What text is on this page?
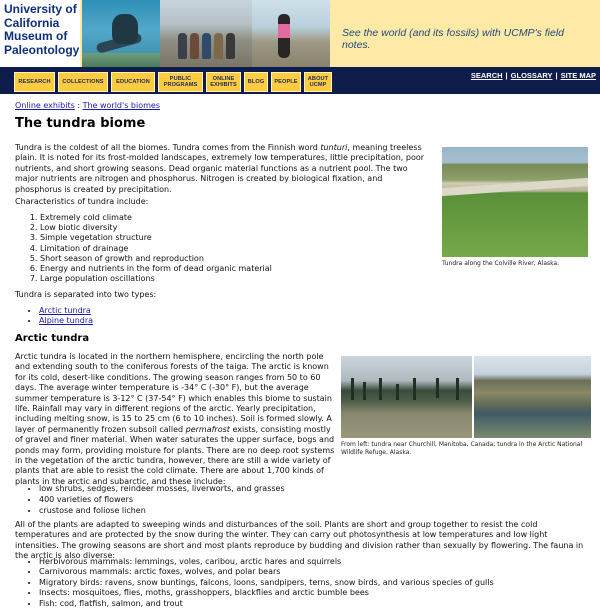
University of
California
Museum of
Paleontology
See the world (and its fossils) with UCMP's field notes.
RESEARCH	COLLECTIONS	EDUCATION
PUBLIC PROGRAMS
ONLINE EXHIBITS
BLOG	PEOPLE
ABOUT UCMP
SEARCH | GLOSSARY | SITE MAP
Online exhibits : The world's biomes
The tundra biome

Tundra is the coldest of all the biomes. Tundra comes from the Finnish word tunturi, meaning treeless plain. It is noted for its frost-molded landscapes, extremely low temperatures, little precipitation, poor nutrients, and short growing seasons. Dead organic material functions as a nutrient pool. The two major nutrients are nitrogen and phosphorus. Nitrogen is created by biological fixation, and phosphorus is created by precipitation.

Characteristics of tundra include:

1. Extremely cold climate
2. Low biotic diversity
3. Simple vegetation structure
4. Limitation of drainage
5. Short season of growth and reproduction
6. Energy and nutrients in the form of dead organic material
7. Large population oscillations

Tundra is separated into two types:

• Arctic tundra
• Alpine tundra
Arctic tundra

Arctic tundra is located in the northern hemisphere, encircling the north pole and extending south to the coniferous forests of the taiga. The arctic is known for its cold, desert-like conditions. The growing season ranges from 50 to 60 days. The average winter temperature is -34° C (-30° F), but the average summer temperature is 3-12° C (37-54° F) which enables this biome to sustain life. Rainfall may vary in different regions of the arctic. Yearly precipitation, including melting snow, is 15 to 25 cm (6 to 10 inches). Soil is formed slowly. A layer of permanently frozen subsoil called permafrost exists, consisting mostly of gravel and finer material. When water saturates the upper surface, bogs and ponds may form, providing moisture for plants. There are no deep root systems in the vegetation of the arctic tundra, however, there are still a wide variety of plants that are able to resist the cold climate. There are about 1,700 kinds of plants in the arctic and subarctic, and these include:

• low shrubs, sedges, reindeer mosses, liverworts, and grasses
• 400 varieties of flowers
• crustose and foliose lichen

All of the plants are adapted to sweeping winds and disturbances of the soil. Plants are short and group together to resist the cold temperatures and are protected by the snow during the winter. They can carry out photosynthesis at low temperatures and low light intensities. The growing seasons are short and most plants reproduce by budding and division rather than sexually by flowering. The fauna in the arctic is also diverse:

• Herbivorous mammals: lemmings, voles, caribou, arctic hares and squirrels
• Carnivorous mammals: arctic foxes, wolves, and polar bears
• Migratory birds: ravens, snow buntings, falcons, loons, sandpipers, terns, snow birds, and various species of gulls
• Insects: mosquitoes, flies, moths, grasshoppers, blackflies and arctic bumble bees
• Fish: cod, flatfish, salmon, and trout
Tundra along the Colville River, Alaska.
From left: tundra near Churchill, Manitoba, Canada; tundra in the Arctic National Wildlife Refuge, Alaska.
